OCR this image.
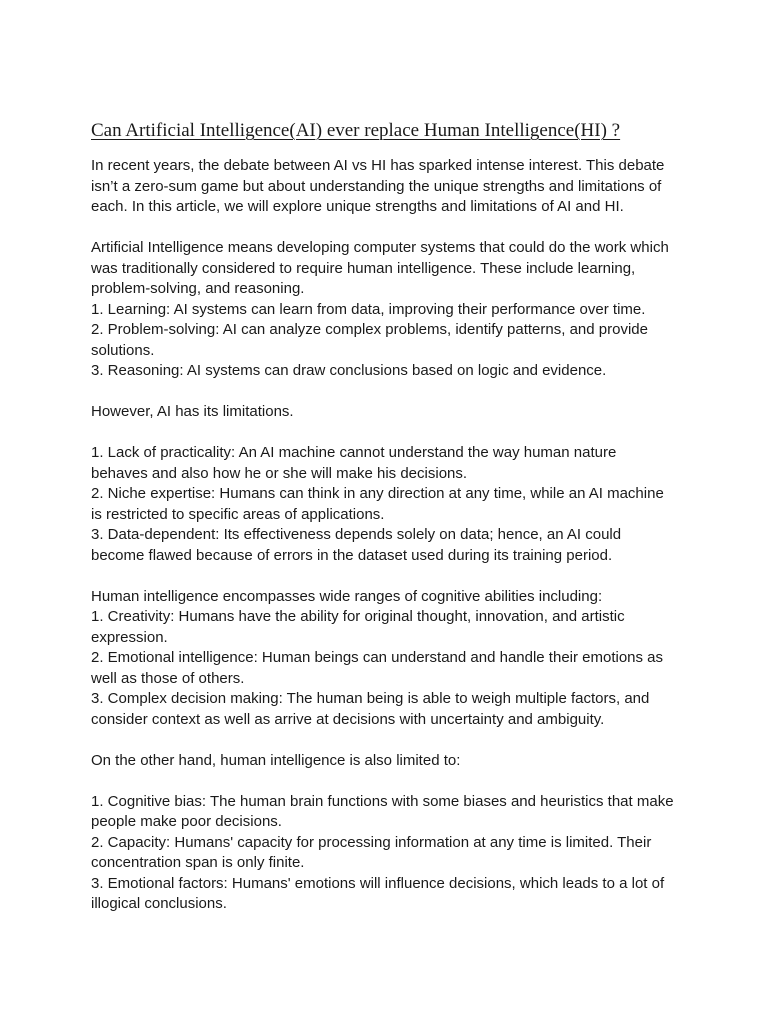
Can Artificial Intelligence(AI) ever replace Human Intelligence(HI) ?
In recent years, the debate between AI vs HI has sparked intense interest. This debate
isn’t a zero-sum game but about understanding the unique strengths and limitations of
each. In this article, we will explore unique strengths and limitations of AI and HI.
Artificial Intelligence means developing computer systems that could do the work which
was traditionally considered to require human intelligence. These include learning,
problem-solving, and reasoning.
1. Learning: AI systems can learn from data, improving their performance over time.
2. Problem-solving: AI can analyze complex problems, identify patterns, and provide
solutions.
3. Reasoning: AI systems can draw conclusions based on logic and evidence.
However, AI has its limitations.
1. Lack of practicality: An AI machine cannot understand the way human nature
behaves and also how he or she will make his decisions.
2. Niche expertise: Humans can think in any direction at any time, while an AI machine
is restricted to specific areas of applications.
3. Data-dependent: Its effectiveness depends solely on data; hence, an AI could
become flawed because of errors in the dataset used during its training period.
Human intelligence encompasses wide ranges of cognitive abilities including:
1. Creativity: Humans have the ability for original thought, innovation, and artistic
expression.
2. Emotional intelligence: Human beings can understand and handle their emotions as
well as those of others.
3. Complex decision making: The human being is able to weigh multiple factors, and
consider context as well as arrive at decisions with uncertainty and ambiguity.
On the other hand, human intelligence is also limited to:
1. Cognitive bias: The human brain functions with some biases and heuristics that make
people make poor decisions.
2. Capacity: Humans' capacity for processing information at any time is limited. Their
concentration span is only finite.
3. Emotional factors: Humans' emotions will influence decisions, which leads to a lot of
illogical conclusions.
